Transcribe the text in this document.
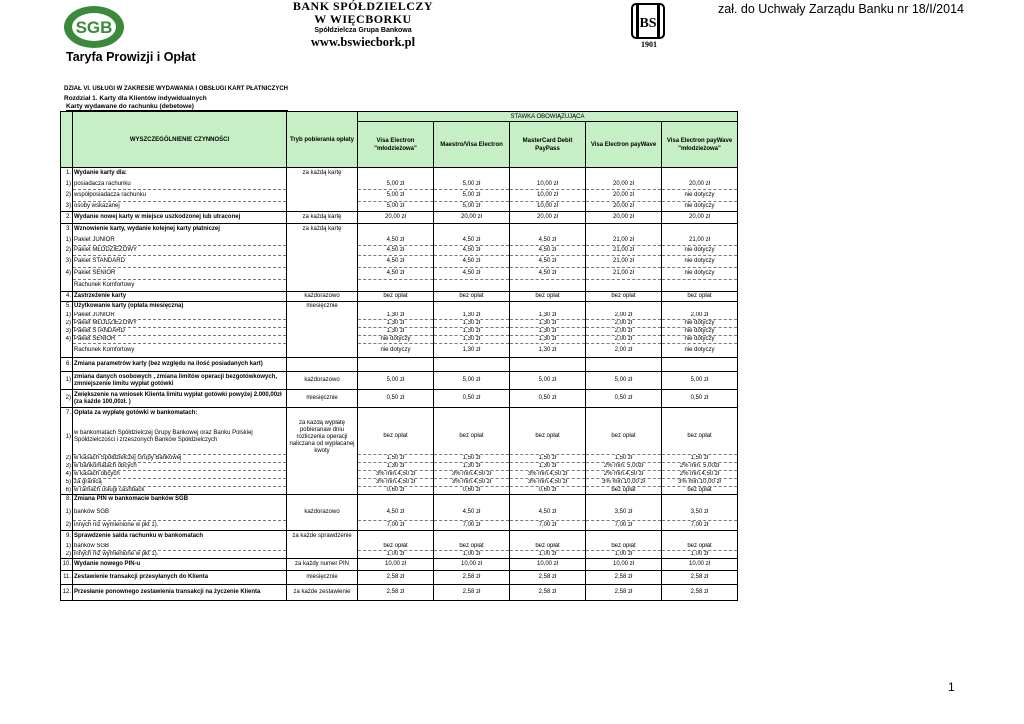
SGB
Taryfa Prowizji i Opłat
BANK SPÓŁDZIELCZY
W WIĘCBORKU
Spółdzielcza Grupa Bankowa
www.bswiecbork.pl
BS
1901
zał. do Uchwały Zarządu Banku nr 18/I/2014
DZIAŁ VI. USŁUGI W ZAKRESIE WYDAWANIA I OBSŁUGI KART PŁATNICZYCH
Rozdział 1. Karty dla Klientów indywidualnych
Karty wydawane do rachunku (debetowe)
	WYSZCZEGÓLNIENIE CZYNNOŚCI	Tryb pobierania opłaty	STAWKA OBOWIĄZUJĄCA				
			Visa Electron "młodzieżowa"	Maestro/Visa Electron	MasterCard Debit PayPass	Visa Electron payWave	Visa Electron payWave "młodzieżowa"
1.	Wydanie karty dla:	za każdą kartę					
1)	posiadacza rachunku		5,00 zł	5,00 zł	10,00 zł	20,00 zł	20,00 zł
2)	współposiadacza rachunku		5,00 zł	5,00 zł	10,00 zł	20,00 zł	nie dotyczy
3)	osoby wskazanej		5,00 zł	5,00 zł	10,00 zł	20,00 zł	nie dotyczy
2.	Wydanie nowej karty w miejsce uszkodzonej lub utraconej	za każdą kartę	20,00 zł	20,00 zł	20,00 zł	20,00 zł	20,00 zł
3.	Wznowienie karty, wydanie kolejnej karty płatniczej	za każdą kartę					
1)	Pakiet JUNIOR		4,50 zł	4,50 zł	4,50 zł	21,00 zł	21,00 zł
2)	Pakiet MŁODZIEŻOWY		4,50 zł	4,50 zł	4,50 zł	21,00 zł	nie dotyczy
3)	Pakiet STANDARD		4,50 zł	4,50 zł	4,50 zł	21,00 zł	nie dotyczy
4)	Pakiet SENIOR		4,50 zł	4,50 zł	4,50 zł	21,00 zł	nie dotyczy
	Rachunek Komfortowy						
4.	Zastrzeżenie karty	każdorazowo	bez opłat	bez opłat	bez opłat	bez opłat	bez opłat
5.	Użytkowanie karty (opłata miesięczna)	miesięcznie					
1)	Pakiet JUNIOR		1,30 zł	1,30 zł	1,30 zł	2,00 zł	2,00 zł
2)	Pakiet MŁODZIEŻOWY		1,30 zł	1,30 zł	1,30 zł	2,00 zł	nie dotyczy
3)	Pakiet STANDARD		1,30 zł	1,30 zł	1,30 zł	2,00 zł	nie dotyczy
4)	Pakiet SENIOR		nie dotyczy	1,30 zł	1,30 zł	2,00 zł	nie dotyczy
	Rachunek Komfortowy		nie dotyczy	1,30 zł	1,30 zł	2,00 zł	nie dotyczy
6.	Zmiana parametrów karty (bez względu na ilość posiadanych kart)						
1)	zmiana danych osobowych , zmiana limitów operacji bezgotówkowych, zmniejszenie limitu wypłat gotówki	każdorazowo	5,00 zł	5,00 zł	5,00 zł	5,00 zł	5,00 zł
2)	Zwiększenie na wniosek Klienta limitu wypłat gotówki powyżej 2.000,00zł (za każde 100,00zł. )	miesięcznie	0,50 zł	0,50 zł	0,50 zł	0,50 zł	0,50 zł
7.	Opłata za wypłatę gotówki w bankomatach:						
1)	w bankomatach Spółdzielczej Grupy Bankowej oraz Banku Polskiej Spółdzielczości i zrzeszonych Banków Spółdzielczych	za każdą wypłatę pobieranaw dniu rozliczenia operacji naliczana od wypłacanej kwoty	bez opłat	bez opłat	bez opłat	bez opłat	bez opłat
2)	w kasach Spółdzielczej Grupy Bankowej		1,50 zł	1,50 zł	1,50 zł	1,50 zł	1,50 zł
3)	w bankomatach obcych		1,30 zł	1,30 zł	1,30 zł	2% min. 5,00zł	2% min. 5,00zł
4)	w kasach obcych		3% min.4,50 zł	3% min.4,50 zł	3% min.4,50 zł	2% min.4,50 zł	2% min.4,50 zł
5)	za granicą		3% min.4,50 zł	3% min.4,50 zł	3% min.4,50 zł	3% min.10,00 zł	3% min.10,00 zł
6)	w ramach usługi cashback		0,60 zł	0,60 zł	0,60 zł	bez opłat	bez opłat
8.	Zmiana PIN w bankomacie banków SGB						
1)	banków SGB	każdorazowo	4,50 zł	4,50 zł	4,50 zł	3,50 zł	3,50 zł
2)	innych niż wymienione w pkt 1).		7,00 zł	7,00 zł	7,00 zł	7,00 zł	7,00 zł
9.	Sprawdzenie salda rachunku w bankomatach	za każde sprawdzenie					
1)	banków SGB		bez opłat	bez opłat	bez opłat	bez opłat	bez opłat
2)	innych niż wymienione w pkt 1).		1,00 zł	1,00 zł	1,00 zł	1,00 zł	1,00 zł
10.	Wydanie nowego PIN-u	za każdy numer PIN	10,00 zł	10,00 zł	10,00 zł	10,00 zł	10,00 zł
11.	Zestawienie transakcji przesyłanych do Klienta	miesięcznie	2,58 zł	2,58 zł	2,58 zł	2,58 zł	2,58 zł
12.	Przesłanie ponownego zestawienia transakcji na życzenie Klienta	za każde zestawienie	2,58 zł	2,58 zł	2,58 zł	2,58 zł	2,58 zł
1
